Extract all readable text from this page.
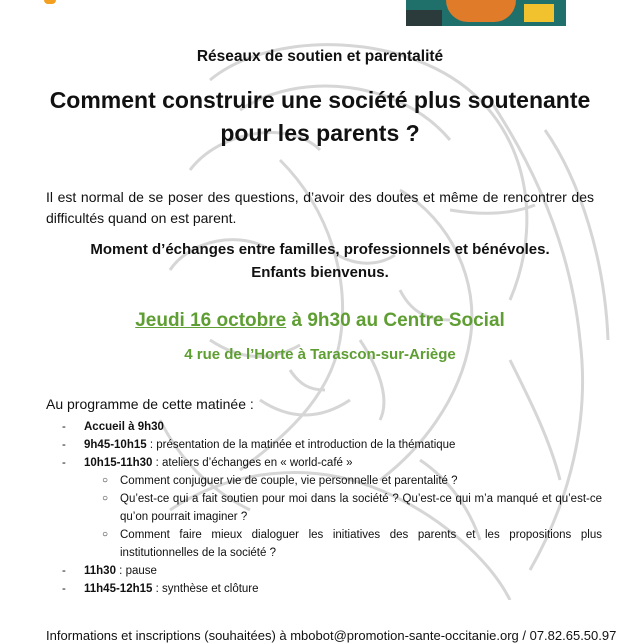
Réseaux de soutien et parentalité
Comment construire une société plus soutenante
pour les parents ?
Il est normal de se poser des questions, d’avoir des doutes et même de rencontrer des
difficultés quand on est parent.
Moment d’échanges entre familles, professionnels et bénévoles.
Enfants bienvenus.
Jeudi 16 octobre à 9h30 au Centre Social
4 rue de l’Horte à Tarascon-sur-Ariège
Au programme de cette matinée :
- Accueil à 9h30
- 9h45-10h15 : présentation de la matinée et introduction de la thématique
- 10h15-11h30 : ateliers d’échanges en « world-café »
○ Comment conjuguer vie de couple, vie personnelle et parentalité ?
○ Qu’est-ce qui a fait soutien pour moi dans la société ? Qu’est-ce qui m’a manqué et qu’est-ce qu’on pourrait imaginer ?
○ Comment faire mieux dialoguer les initiatives des parents et les propositions plus institutionnelles de la société ?
- 11h30 : pause
- 11h45-12h15 : synthèse et clôture
Informations et inscriptions (souhaitées) à mbobot@promotion-sante-occitanie.org / 07.82.65.50.97
